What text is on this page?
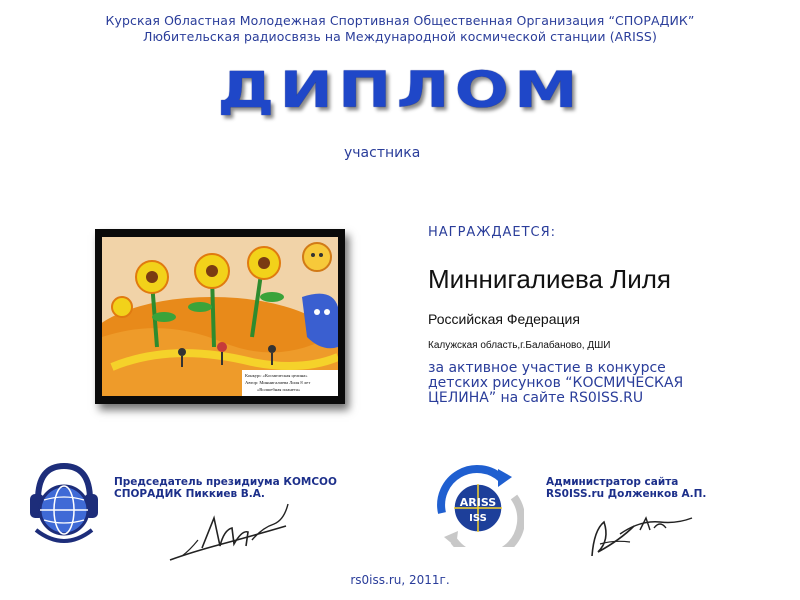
Курская Областная Молодежная Спортивная Общественная Организация “СПОРАДИК”
Любительская радиосвязь на Международной космической станции (ARISS)
ДИПЛОМ
участника
Конкурс «Космическая целина»
Автор: Миннигалиева Лиля 8 лет
«Волшебная планета»
НАГРАЖДАЕТСЯ:
Миннигалиева Лиля
Российская Федерация
Калужская область,г.Балабаново, ДШИ
за активное участие в конкурсе
детских рисунков “КОСМИЧЕСКАЯ
ЦЕЛИНА” на сайте RS0ISS.RU
Председатель президиума КОМСОО
СПОРАДИК Пиккиев В.А.
ARISS
ISS
Администратор сайта
RS0ISS.ru Долженков А.П.
rs0iss.ru, 2011г.
